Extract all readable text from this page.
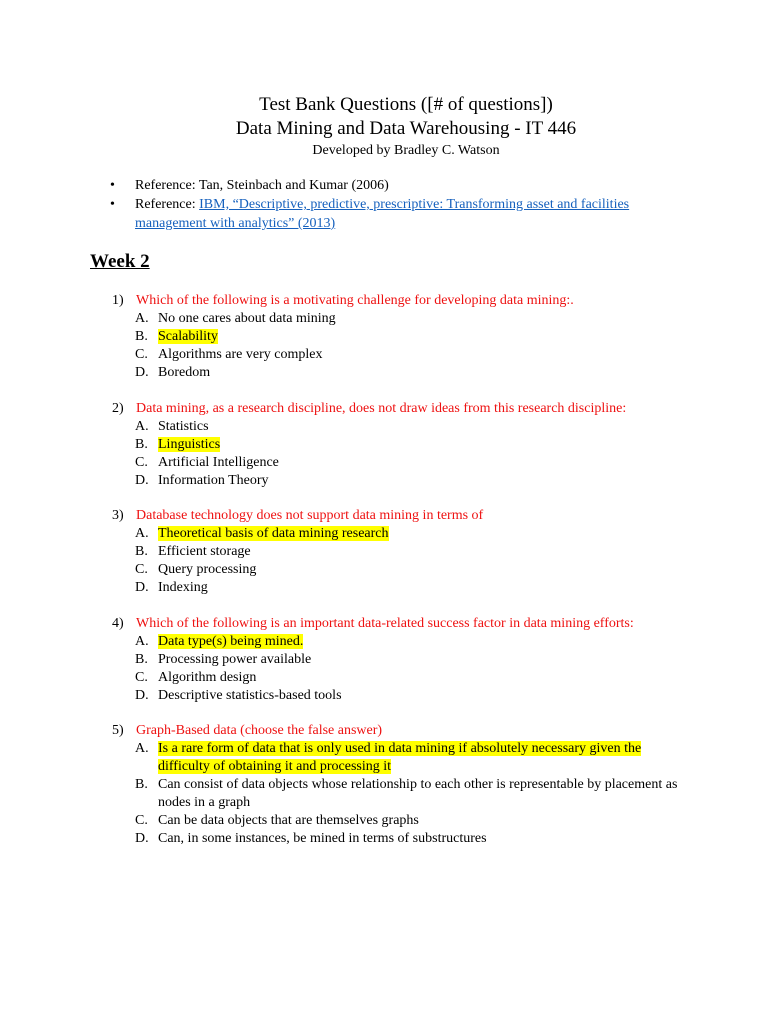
Test Bank Questions ([# of questions])
Data Mining and Data Warehousing - IT 446
Developed by Bradley C. Watson
• Reference: Tan, Steinbach and Kumar (2006)
• Reference: IBM, “Descriptive, predictive, prescriptive: Transforming asset and facilities management with analytics” (2013)
Week 2
1) Which of the following is a motivating challenge for developing data mining:.
A. No one cares about data mining
B. Scalability
C. Algorithms are very complex
D. Boredom
2) Data mining, as a research discipline, does not draw ideas from this research discipline:
A. Statistics
B. Linguistics
C. Artificial Intelligence
D. Information Theory
3) Database technology does not support data mining in terms of
A. Theoretical basis of data mining research
B. Efficient storage
C. Query processing
D. Indexing
4) Which of the following is an important data-related success factor in data mining efforts:
A. Data type(s) being mined.
B. Processing power available
C. Algorithm design
D. Descriptive statistics-based tools
5) Graph-Based data (choose the false answer)
A. Is a rare form of data that is only used in data mining if absolutely necessary given the difficulty of obtaining it and processing it
B. Can consist of data objects whose relationship to each other is representable by placement as nodes in a graph
C. Can be data objects that are themselves graphs
D. Can, in some instances, be mined in terms of substructures
